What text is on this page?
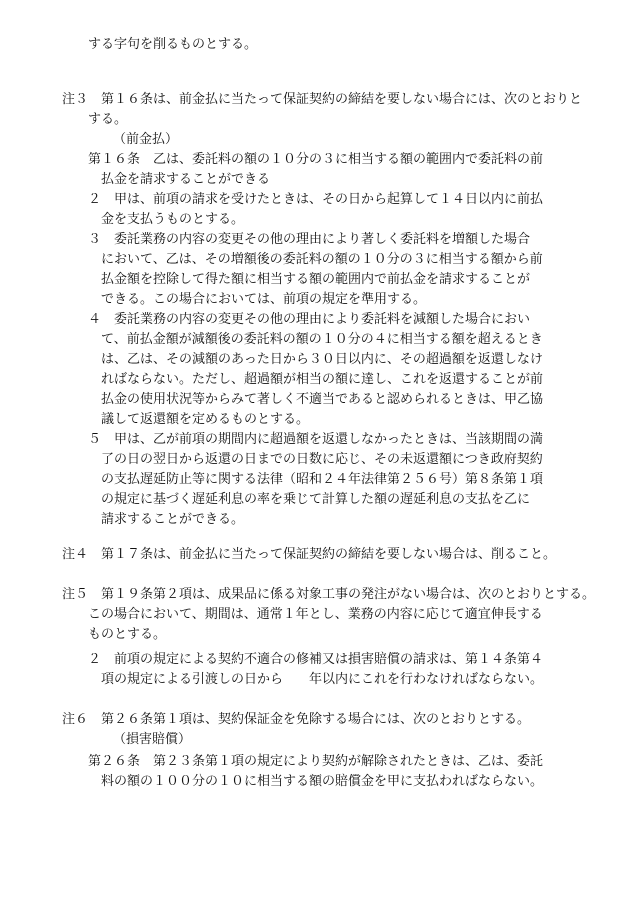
する字句を削るものとする。

注３　第１６条は、前金払に当たって保証契約の締結を要しない場合には、次のとおりと

する。

（前金払）

第１６条　乙は、委託料の額の１０分の３に相当する額の範囲内で委託料の前

払金を請求することができる

２　甲は、前項の請求を受けたときは、その日から起算して１４日以内に前払

金を支払うものとする。

３　委託業務の内容の変更その他の理由により著しく委託料を増額した場合

において、乙は、その増額後の委託料の額の１０分の３に相当する額から前

払金額を控除して得た額に相当する額の範囲内で前払金を請求することが

できる。この場合においては、前項の規定を準用する。

４　委託業務の内容の変更その他の理由により委託料を減額した場合におい

て、前払金額が減額後の委託料の額の１０分の４に相当する額を超えるとき

は、乙は、その減額のあった日から３０日以内に、その超過額を返還しなけ

ればならない。ただし、超過額が相当の額に達し、これを返還することが前

払金の使用状況等からみて著しく不適当であると認められるときは、甲乙協

議して返還額を定めるものとする。

５　甲は、乙が前項の期間内に超過額を返還しなかったときは、当該期間の満

了の日の翌日から返還の日までの日数に応じ、その未返還額につき政府契約

の支払遅延防止等に関する法律（昭和２４年法律第２５６号）第８条第１項

の規定に基づく遅延利息の率を乗じて計算した額の遅延利息の支払を乙に

請求することができる。

注４　第１７条は、前金払に当たって保証契約の締結を要しない場合は、削ること。

注５　第１９条第２項は、成果品に係る対象工事の発注がない場合は、次のとおりとする。

この場合において、期間は、通常１年とし、業務の内容に応じて適宜伸長する

ものとする。

２　前項の規定による契約不適合の修補又は損害賠償の請求は、第１４条第４

項の規定による引渡しの日から　　年以内にこれを行わなければならない。

注６　第２６条第１項は、契約保証金を免除する場合には、次のとおりとする。

（損害賠償）

第２６条　第２３条第１項の規定により契約が解除されたときは、乙は、委託

料の額の１００分の１０に相当する額の賠償金を甲に支払わればならない。
